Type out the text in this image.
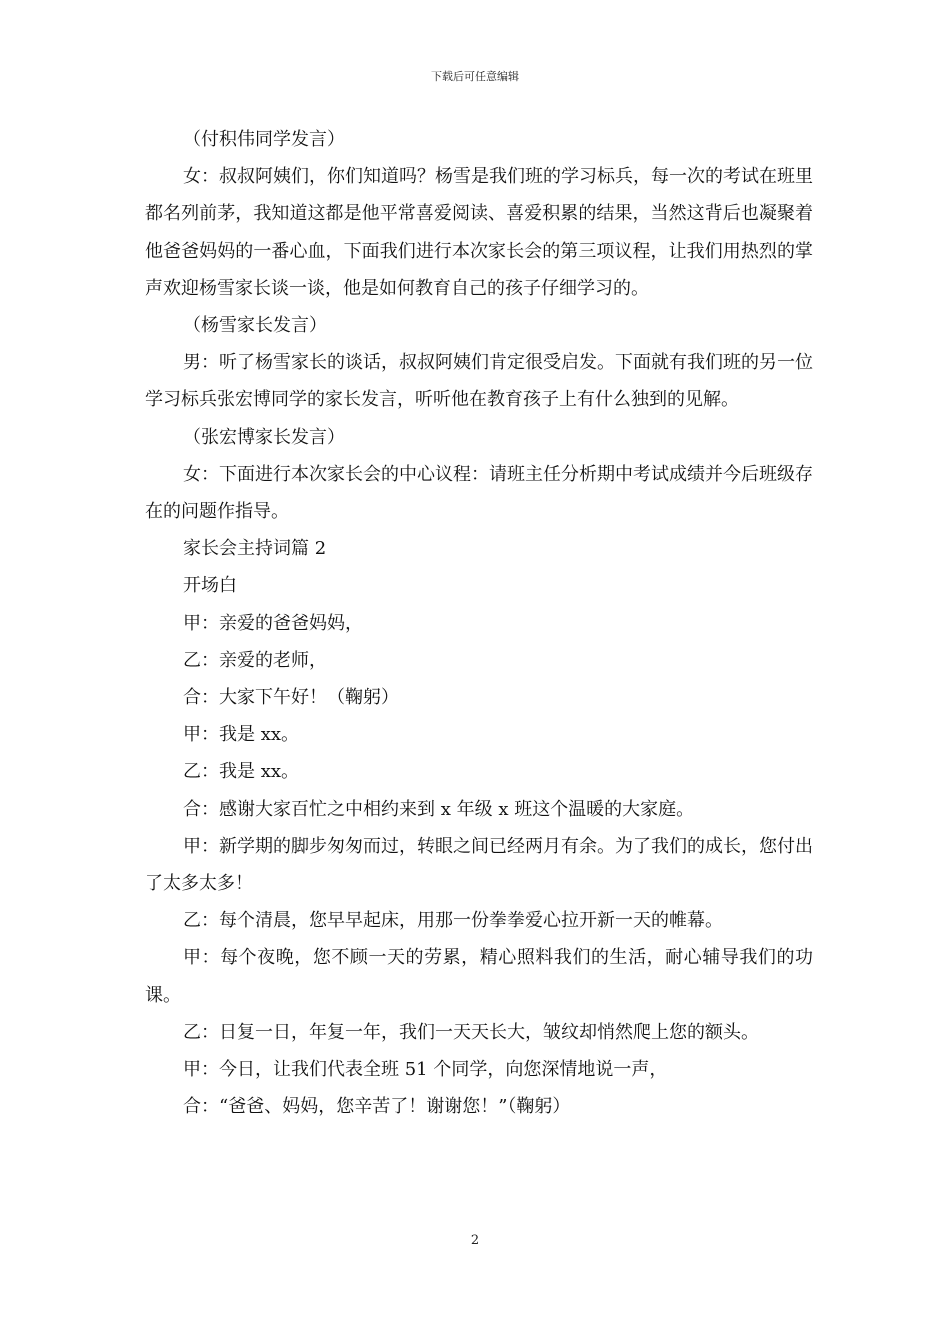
下载后可任意编辑

（付积伟同学发言）

女：叔叔阿姨们，你们知道吗？杨雪是我们班的学习标兵，每一次的考试在班里都名列前茅，我知道这都是他平常喜爱阅读、喜爱积累的结果，当然这背后也凝聚着他爸爸妈妈的一番心血，下面我们进行本次家长会的第三项议程，让我们用热烈的掌声欢迎杨雪家长谈一谈，他是如何教育自己的孩子仔细学习的。

（杨雪家长发言）

男：听了杨雪家长的谈话，叔叔阿姨们肯定很受启发。下面就有我们班的另一位学习标兵张宏博同学的家长发言，听听他在教育孩子上有什么独到的见解。

（张宏博家长发言）

女：下面进行本次家长会的中心议程：请班主任分析期中考试成绩并今后班级存在的问题作指导。

家长会主持词篇 2

开场白

甲：亲爱的爸爸妈妈，

乙：亲爱的老师，

合：大家下午好！（鞠躬）

甲：我是 xx。

乙：我是 xx。

合：感谢大家百忙之中相约来到 x 年级 x 班这个温暖的大家庭。

甲：新学期的脚步匆匆而过，转眼之间已经两月有余。为了我们的成长，您付出了太多太多！

乙：每个清晨，您早早起床，用那一份拳拳爱心拉开新一天的帷幕。

甲：每个夜晚，您不顾一天的劳累，精心照料我们的生活，耐心辅导我们的功课。

乙：日复一日，年复一年，我们一天天长大，皱纹却悄然爬上您的额头。

甲：今日，让我们代表全班 51 个同学，向您深情地说一声，

合：“爸爸、妈妈，您辛苦了！谢谢您！”（鞠躬）

2
